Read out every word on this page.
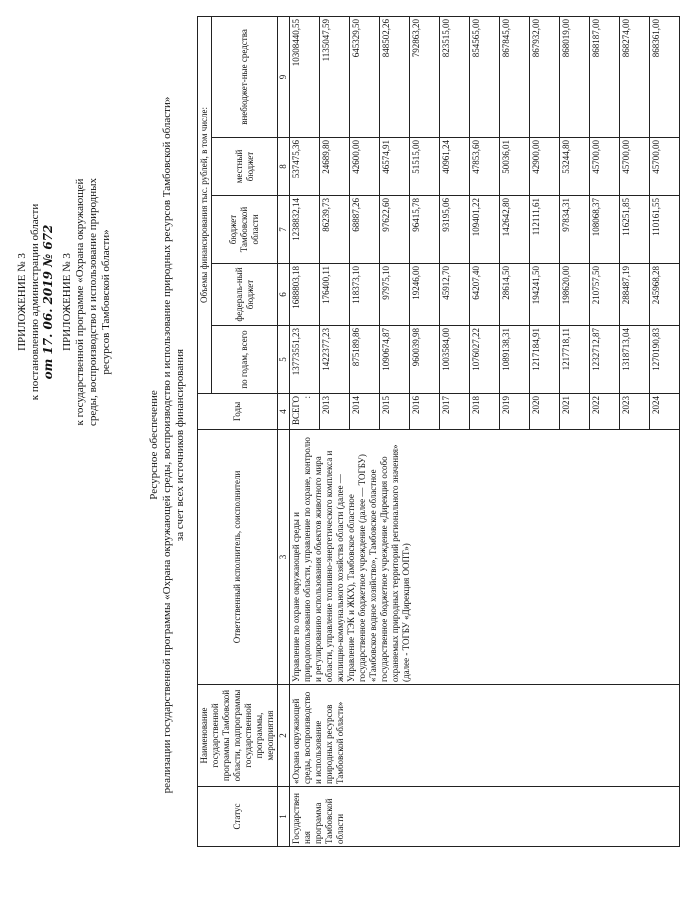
ПРИЛОЖЕНИЕ № 3 к постановлению администрации области от 17. 06. 2019 № 672 ПРИЛОЖЕНИЕ № 3 к государственной программе «Охрана окружающей среды, воспроизводство и использование природных ресурсов Тамбовской области»
Ресурсное обеспечение реализации государственной программы «Охрана окружающей среды, воспроизводство и использование природных ресурсов Тамбовской области» за счет всех источников финансирования
Статус	Наименование государственной программы Тамбовской области, подпрограммы государственной программы, мероприятия	Ответственный исполнитель, соисполнители	Годы	Объемы финансирования тыс. рублей, в том числе:				
				по годам, всего	федераль-ный бюджет	бюджет Тамбовской области	местный бюджет	внебюджет-ные средства
1	2	3	4	5	6	7	8	9
Государственная программа Тамбовской области	«Охрана окружающей среды, воспроизводство и использование природных ресурсов Тамбовской области»	Управление по охране окружающей среды и природопользованию области, управление по охране, контролю и регулированию использования объектов животного мира области, управление топливно-энергетического комплекса и жилищно-коммунального хозяйства области (далее — Управление ТЭК и ЖКХ), Тамбовское областное государственное бюджетное учреждение (далее — ТОГБУ) «Тамбовское водное хозяйство», Тамбовское областное государственное бюджетное учреждение «Дирекция особо охраняемых природных территорий регионального значения» (далее - ТОГБУ «Дирекция ООПТ»)	ВСЕГО:	13773551,23	1688803,18	1238832,14	537475,36	10308440,55
			2013	1422377,23	176400,11	86239,73	24689,80	1135047,59
			2014	875189,86	118373,10	68887,26	42600,00	645329,50
			2015	1090674,87	97975,10	97622,60	46574,91	848502,26
			2016	960039,98	19246,00	96415,78	51515,00	792863,20
			2017	1003584,00	45912,70	93195,06	40961,24	823515,00
			2018	1076027,22	64207,40	109401,22	47853,60	854565,00
			2019	1089138,31	28614,50	142642,80	50036,01	867845,00
			2020	1217184,91	194241,50	112111,61	42900,00	867932,00
			2021	1217718,11	198620,00	97834,31	53244,80	868019,00
			2022	1232712,87	210757,50	108068,37	45700,00	868187,00
			2023	1318713,04	288487,19	116251,85	45700,00	868274,00
			2024	1270190,83	245968,28	110161,55	45700,00	868361,00
